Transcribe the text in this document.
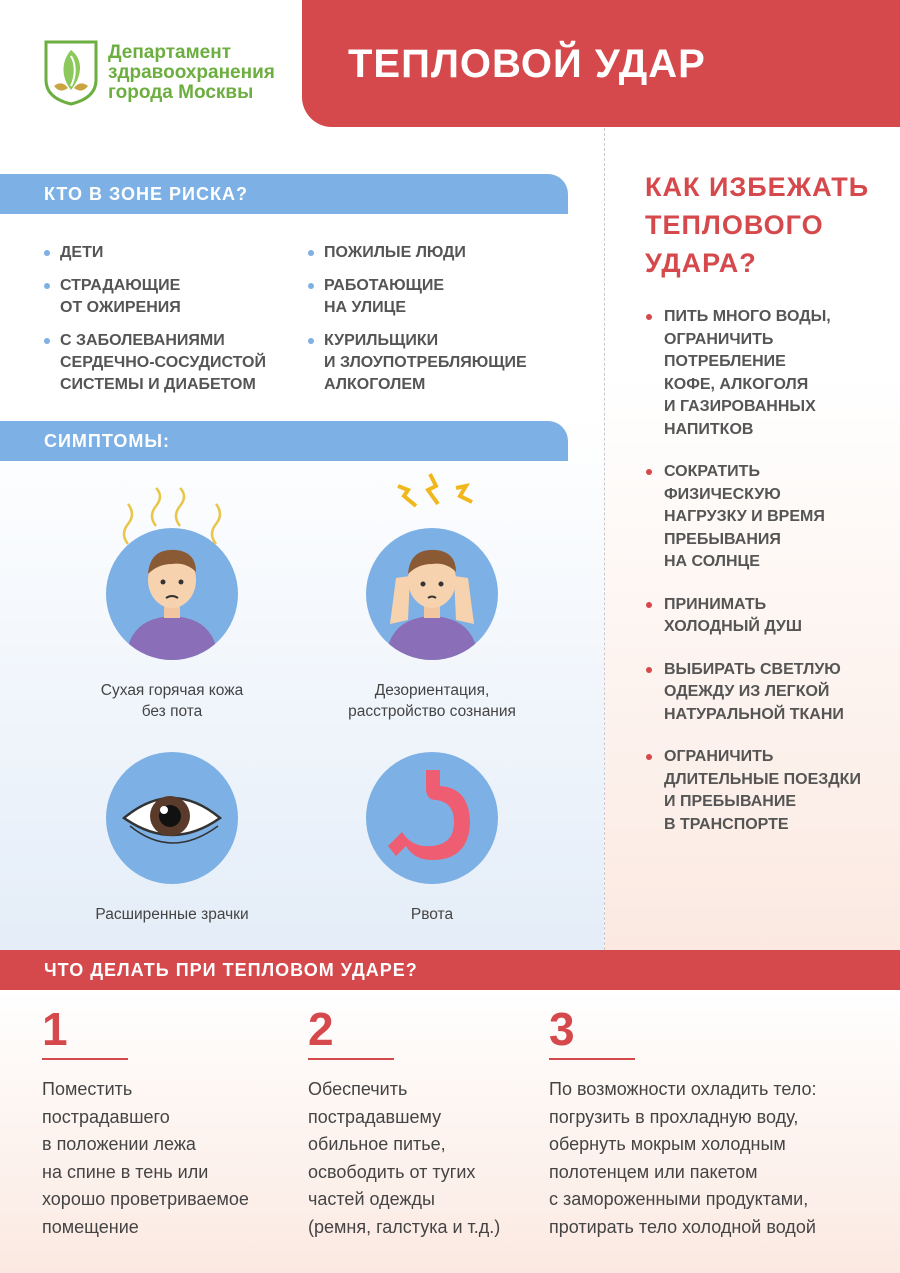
Департамент
здравоохранения
города Москвы
ТЕПЛОВОЙ УДАР
КТО В ЗОНЕ РИСКА?
ДЕТИ
СТРАДАЮЩИЕ
ОТ ОЖИРЕНИЯ
С ЗАБОЛЕВАНИЯМИ
СЕРДЕЧНО-СОСУДИСТОЙ
СИСТЕМЫ И ДИАБЕТОМ
ПОЖИЛЫЕ ЛЮДИ
РАБОТАЮЩИЕ
НА УЛИЦЕ
КУРИЛЬЩИКИ
И ЗЛОУПОТРЕБЛЯЮЩИЕ
АЛКОГОЛЕМ
СИМПТОМЫ:
Сухая горячая кожа
без пота
Дезориентация,
расстройство сознания
Расширенные зрачки	Рвота
КАК ИЗБЕЖАТЬ
ТЕПЛОВОГО
УДАРА?
ПИТЬ МНОГО ВОДЫ,
ОГРАНИЧИТЬ
ПОТРЕБЛЕНИЕ
КОФЕ, АЛКОГОЛЯ
И ГАЗИРОВАННЫХ
НАПИТКОВ
СОКРАТИТЬ
ФИЗИЧЕСКУЮ
НАГРУЗКУ И ВРЕМЯ
ПРЕБЫВАНИЯ
НА СОЛНЦЕ
ПРИНИМАТЬ
ХОЛОДНЫЙ ДУШ
ВЫБИРАТЬ СВЕТЛУЮ
ОДЕЖДУ ИЗ ЛЕГКОЙ
НАТУРАЛЬНОЙ ТКАНИ
ОГРАНИЧИТЬ
ДЛИТЕЛЬНЫЕ ПОЕЗДКИ
И ПРЕБЫВАНИЕ
В ТРАНСПОРТЕ
ЧТО ДЕЛАТЬ ПРИ ТЕПЛОВОМ УДАРЕ?
1
Поместить
пострадавшего
в положении лежа
на спине в тень или
хорошо проветриваемое
помещение
2
Обеспечить
пострадавшему
обильное питье,
освободить от тугих
частей одежды
(ремня, галстука и т.д.)
3
По возможности охладить тело:
погрузить в прохладную воду,
обернуть мокрым холодным
полотенцем или пакетом
с замороженными продуктами,
протирать тело холодной водой
